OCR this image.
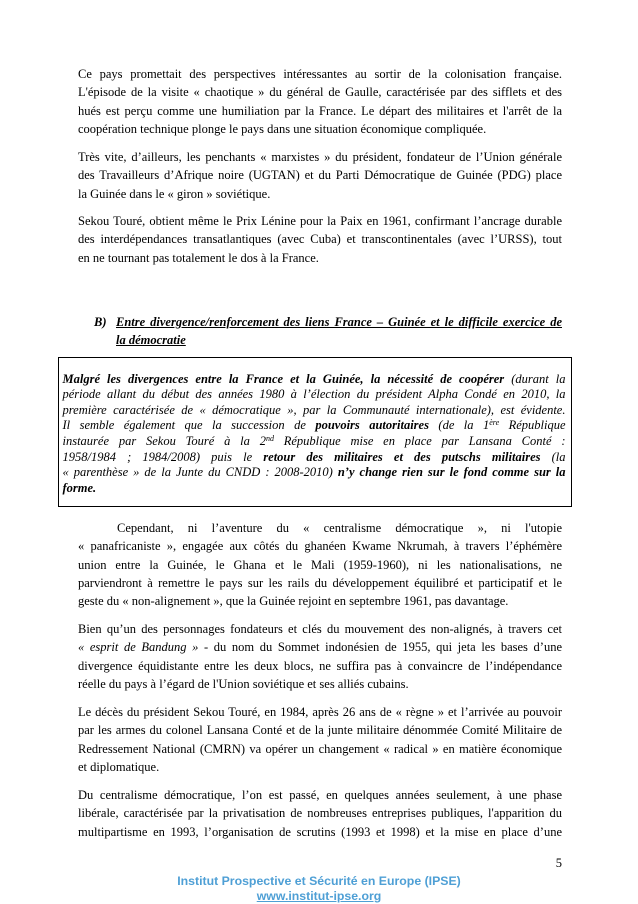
Ce pays promettait des perspectives intéressantes au sortir de la colonisation française.
L'épisode de la visite « chaotique » du général de Gaulle, caractérisée par des sifflets et des
hués est perçu comme une humiliation par la France. Le départ des militaires et l'arrêt de la
coopération technique plonge le pays dans une situation économique compliquée.
Très vite, d’ailleurs, les penchants « marxistes » du président, fondateur de l’Union générale
des Travailleurs d’Afrique noire (UGTAN) et du Parti Démocratique de Guinée (PDG) place
la Guinée dans le « giron » soviétique.
Sekou Touré, obtient même le Prix Lénine pour la Paix en 1961, confirmant l’ancrage durable
des interdépendances transatlantiques (avec Cuba) et transcontinentales (avec l’URSS), tout
en ne tournant pas totalement le dos à la France.
B) Entre divergence/renforcement des liens France – Guinée et le difficile exercice de
la démocratie
Malgré les divergences entre la France et la Guinée, la nécessité de coopérer (durant la
période allant du début des années 1980 à l’élection du président Alpha Condé en 2010, la
première caractérisée de « démocratique », par la Communauté internationale), est évidente.
Il semble également que la succession de pouvoirs autoritaires (de la 1ère République
instaurée par Sekou Touré à la 2nd République mise en place par Lansana Conté :
1958/1984 ; 1984/2008) puis le retour des militaires et des putschs militaires (la
« parenthèse » de la Junte du CNDD : 2008-2010) n’y change rien sur le fond comme sur la
forme.
Cependant, ni l’aventure du « centralisme démocratique », ni l'utopie
« panafricaniste », engagée aux côtés du ghanéen Kwame Nkrumah, à travers l’éphémère
union entre la Guinée, le Ghana et le Mali (1959-1960), ni les nationalisations, ne
parviendront à remettre le pays sur les rails du développement équilibré et participatif et le
geste du « non-alignement », que la Guinée rejoint en septembre 1961, pas davantage.
Bien qu’un des personnages fondateurs et clés du mouvement des non-alignés, à travers cet
« esprit de Bandung » - du nom du Sommet indonésien de 1955, qui jeta les bases d’une
divergence équidistante entre les deux blocs, ne suffira pas à convaincre de l’indépendance
réelle du pays à l’égard de l'Union soviétique et ses alliés cubains.
Le décès du président Sekou Touré, en 1984, après 26 ans de « règne » et l’arrivée au pouvoir
par les armes du colonel Lansana Conté et de la junte militaire dénommée Comité Militaire de
Redressement National (CMRN) va opérer un changement « radical » en matière économique
et diplomatique.
Du centralisme démocratique, l’on est passé, en quelques années seulement, à une phase
libérale, caractérisée par la privatisation de nombreuses entreprises publiques, l'apparition du
multipartisme en 1993, l’organisation de scrutins (1993 et 1998) et la mise en place d’une
5
Institut Prospective et Sécurité en Europe (IPSE)
www.institut-ipse.org
